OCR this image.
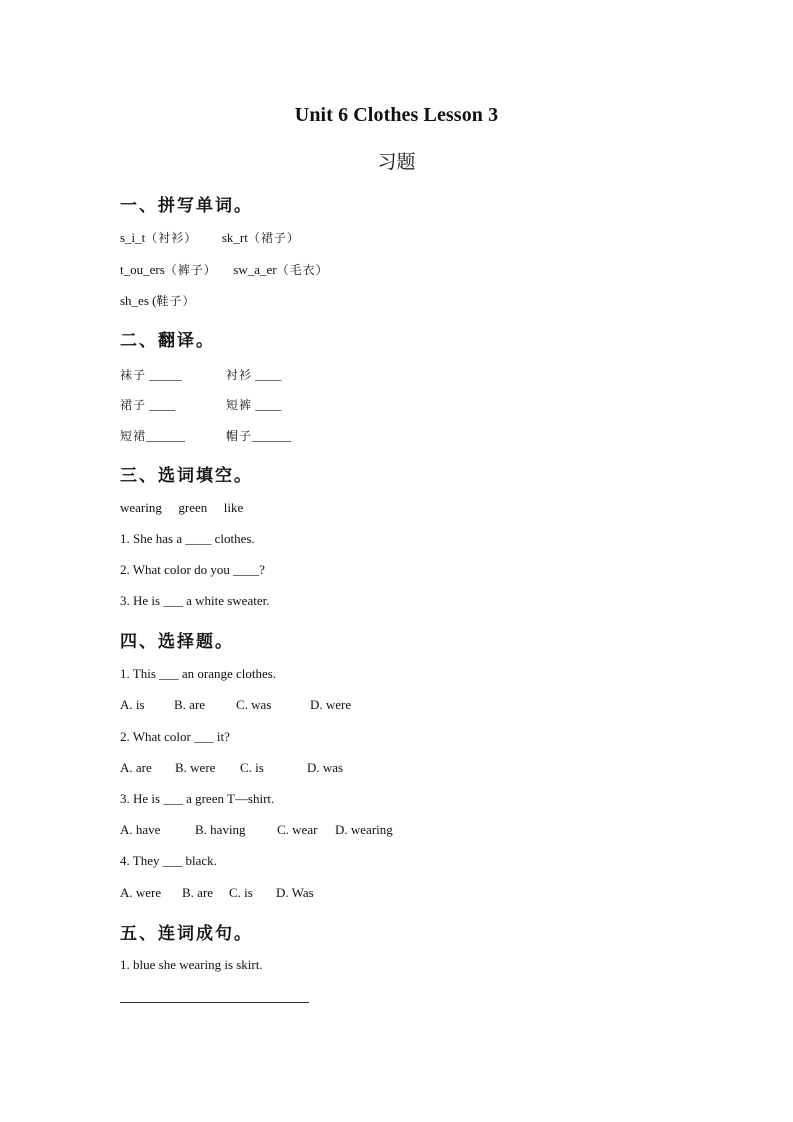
Unit 6 Clothes Lesson 3
习题
一、拼写单词。
s_i_t（衬衫） sk_rt（裙子）
t_ou_ers（裤子） sw_a_er（毛衣）
sh_es (鞋子）
二、翻译。
袜子 _____	衬衫 ____
裙子 ____	短裤 ____
短裙______	帽子______
三、选词填空。
wearing green like
1. She has a ____ clothes.
2. What color do you ____?
3. He is ___ a white sweater.
四、选择题。
1. This ___ an orange clothes.
A. is B. are C. was	D. were
2. What color ___ it?
A. are B. were C. is	D. was
3. He is ___ a green T—shirt.
A. have	B. having C. wear D. wearing
4. They ___ black.
A. were B. are C. is D. Was
五、连词成句。
1. blue she wearing is skirt.
